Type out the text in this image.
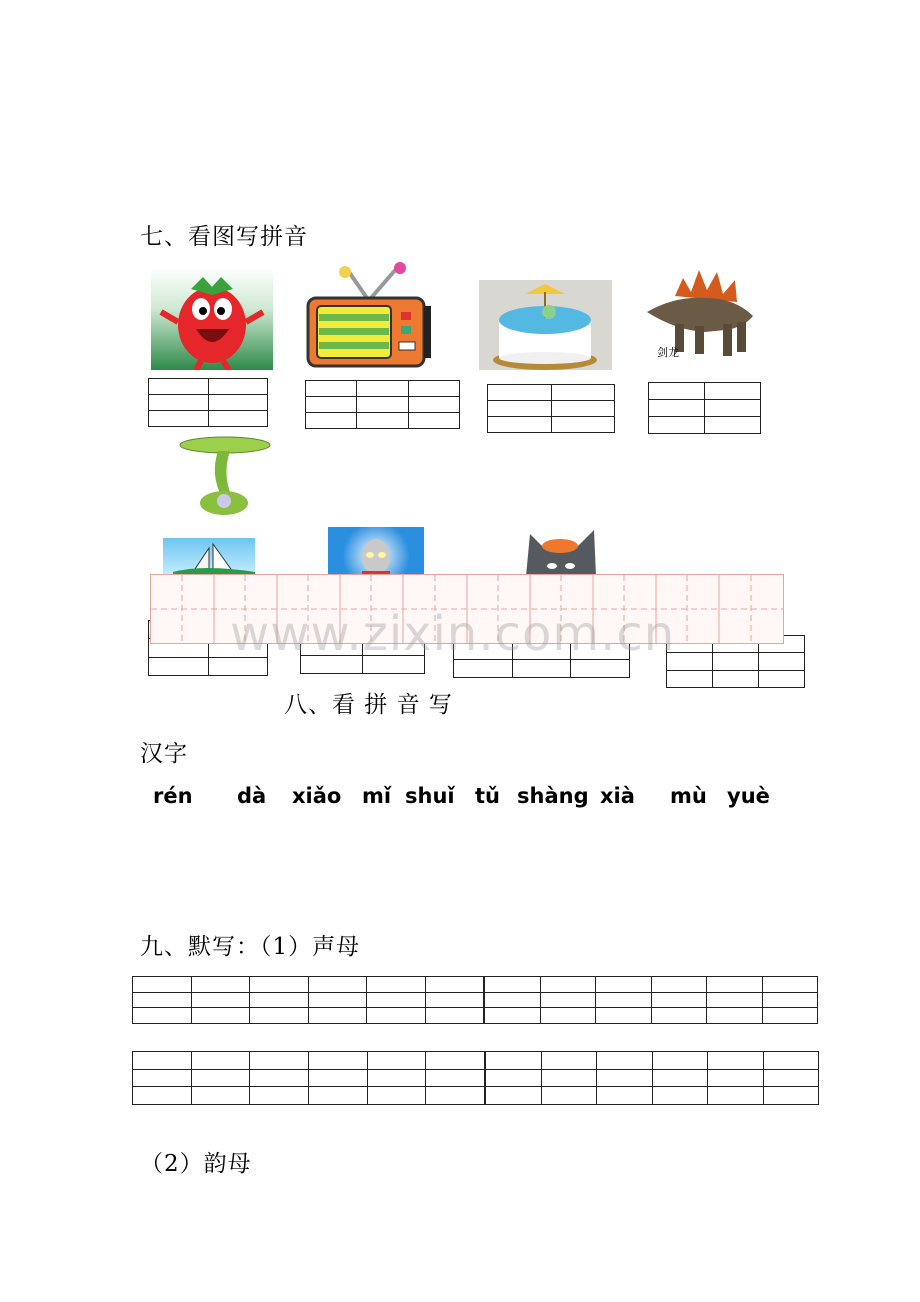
七、看图写拼音

剑龙

www.zixin.com.cn
八、看 拼 音 写
汉字
rén dà xiǎo mǐ shuǐ tǔ shàng xià mù yuè
九、默写：（1）声母

（2）韵母
